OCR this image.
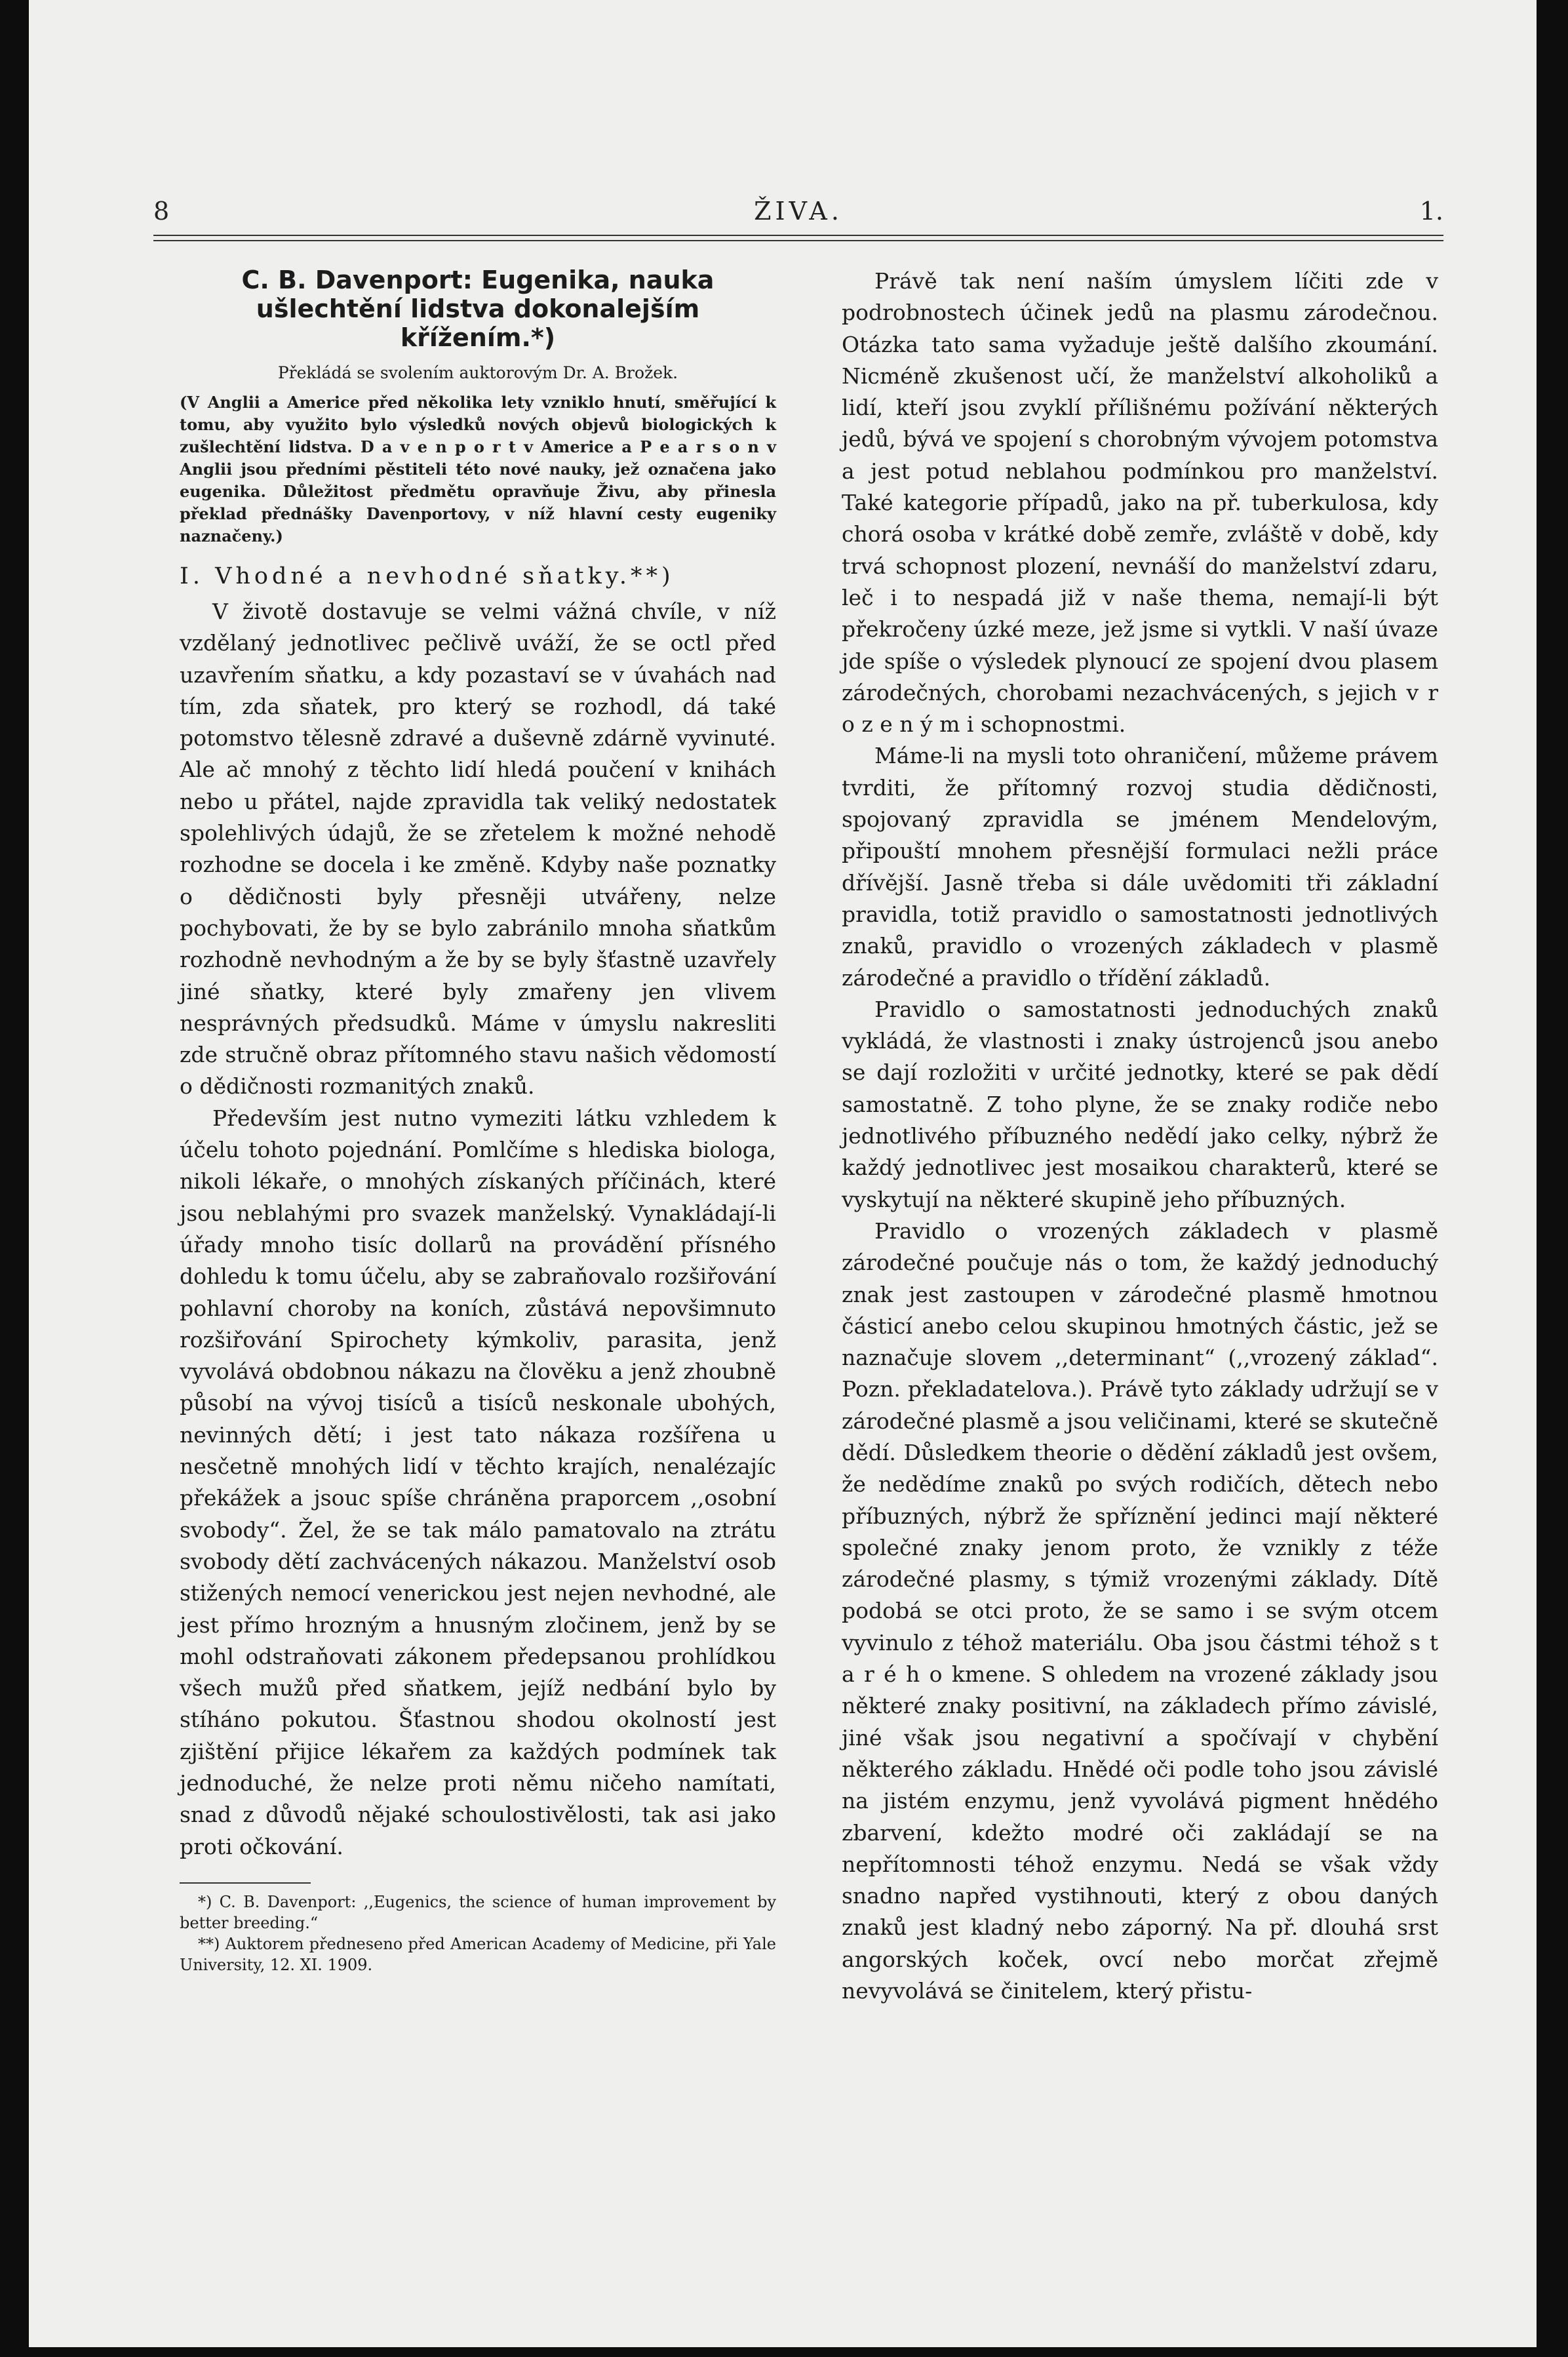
8	ŽIVA.	1.
C. B. Davenport: Eugenika, nauka ušlechtění lidstva dokonalejším křížením.*)
Překládá se svolením auktorovým Dr. A. Brožek.

(V Anglii a Americe před několika lety vzniklo hnutí, směřující k tomu, aby využito bylo výsledků nových objevů biologických k zušlechtění lidstva. D a v e n p o r t v Americe a P e a r s o n v Anglii jsou předními pěstiteli této nové nauky, jež označena jako eugenika. Důležitost předmětu opravňuje Živu, aby přinesla překlad přednášky Davenportovy, v níž hlavní cesty eugeniky naznačeny.)

I. Vhodné a nevhodné sňatky.**)

V životě dostavuje se velmi vážná chvíle, v níž vzdělaný jednotlivec pečlivě uváží, že se octl před uzavřením sňatku, a kdy pozastaví se v úvahách nad tím, zda sňatek, pro který se rozhodl, dá také potomstvo tělesně zdravé a duševně zdárně vyvinuté. Ale ač mnohý z těchto lidí hledá poučení v knihách nebo u přátel, najde zpravidla tak veliký nedostatek spolehlivých údajů, že se zřetelem k možné nehodě rozhodne se docela i ke změně. Kdyby naše poznatky o dědičnosti byly přesněji utvářeny, nelze pochybovati, že by se bylo zabránilo mnoha sňatkům rozhodně nevhodným a že by se byly šťastně uzavřely jiné sňatky, které byly zmařeny jen vlivem nesprávných předsudků. Máme v úmyslu nakresliti zde stručně obraz přítomného stavu našich vědomostí o dědičnosti rozmanitých znaků.

Především jest nutno vymeziti látku vzhledem k účelu tohoto pojednání. Pomlčíme s hlediska biologa, nikoli lékaře, o mnohých získaných příčinách, které jsou neblahými pro svazek manželský. Vynakládají-li úřady mnoho tisíc dollarů na provádění přísného dohledu k tomu účelu, aby se zabraňovalo rozšiřování pohlavní choroby na koních, zůstává nepovšimnuto rozšiřování Spirochety kýmkoliv, parasita, jenž vyvolává obdobnou nákazu na člověku a jenž zhoubně působí na vývoj tisíců a tisíců neskonale ubohých, nevinných dětí; i jest tato nákaza rozšířena u nesčetně mnohých lidí v těchto krajích, nenalézajíc překážek a jsouc spíše chráněna praporcem ,,osobní svobody“. Žel, že se tak málo pamatovalo na ztrátu svobody dětí zachvácených nákazou. Manželství osob stižených nemocí venerickou jest nejen nevhodné, ale jest přímo hrozným a hnusným zločinem, jenž by se mohl odstraňovati zákonem předepsanou prohlídkou všech mužů před sňatkem, jejíž nedbání bylo by stíháno pokutou. Šťastnou shodou okolností jest zjištění přijice lékařem za každých podmínek tak jednoduché, že nelze proti němu ničeho namítati, snad z důvodů nějaké schoulostivělosti, tak asi jako proti očkování.

*) C. B. Davenport: ,,Eugenics, the science of human improvement by better breeding.“

**) Auktorem předneseno před American Academy of Medicine, při Yale University, 12. XI. 1909.

Právě tak není naším úmyslem líčiti zde v podrobnostech účinek jedů na plasmu zárodečnou. Otázka tato sama vyžaduje ještě dalšího zkoumání. Nicméně zkušenost učí, že manželství alkoholiků a lidí, kteří jsou zvyklí přílišnému požívání některých jedů, bývá ve spojení s chorobným vývojem potomstva a jest potud neblahou podmínkou pro manželství. Také kategorie případů, jako na př. tuberkulosa, kdy chorá osoba v krátké době zemře, zvláště v době, kdy trvá schopnost plození, nevnáší do manželství zdaru, leč i to nespadá již v naše thema, nemají-li být překročeny úzké meze, jež jsme si vytkli. V naší úvaze jde spíše o výsledek plynoucí ze spojení dvou plasem zárodečných, chorobami nezachvácených, s jejich v r o z e n ý m i schopnostmi.

Máme-li na mysli toto ohraničení, můžeme právem tvrditi, že přítomný rozvoj studia dědičnosti, spojovaný zpravidla se jménem Mendelovým, připouští mnohem přesnější formulaci nežli práce dřívější. Jasně třeba si dále uvědomiti tři základní pravidla, totiž pravidlo o samostatnosti jednotlivých znaků, pravidlo o vrozených základech v plasmě zárodečné a pravidlo o třídění základů.

Pravidlo o samostatnosti jednoduchých znaků vykládá, že vlastnosti i znaky ústrojenců jsou anebo se dají rozložiti v určité jednotky, které se pak dědí samostatně. Z toho plyne, že se znaky rodiče nebo jednotlivého příbuzného nedědí jako celky, nýbrž že každý jednotlivec jest mosaikou charakterů, které se vyskytují na některé skupině jeho příbuzných.

Pravidlo o vrozených základech v plasmě zárodečné poučuje nás o tom, že každý jednoduchý znak jest zastoupen v zárodečné plasmě hmotnou částicí anebo celou skupinou hmotných částic, jež se naznačuje slovem ,,determinant“ (,,vrozený základ“. Pozn. překladatelova.). Právě tyto základy udržují se v zárodečné plasmě a jsou veličinami, které se skutečně dědí. Důsledkem theorie o dědění základů jest ovšem, že nedědíme znaků po svých rodičích, dětech nebo příbuzných, nýbrž že spříznění jedinci mají některé společné znaky jenom proto, že vznikly z téže zárodečné plasmy, s týmiž vrozenými základy. Dítě podobá se otci proto, že se samo i se svým otcem vyvinulo z téhož materiálu. Oba jsou částmi téhož s t a r é h o kmene. S ohledem na vrozené základy jsou některé znaky positivní, na základech přímo závislé, jiné však jsou negativní a spočívají v chybění některého základu. Hnědé oči podle toho jsou závislé na jistém enzymu, jenž vyvolává pigment hnědého zbarvení, kdežto modré oči zakládají se na nepřítomnosti téhož enzymu. Nedá se však vždy snadno napřed vystihnouti, který z obou daných znaků jest kladný nebo záporný. Na př. dlouhá srst angorských koček, ovcí nebo morčat zřejmě nevyvolává se činitelem, který přistu-
